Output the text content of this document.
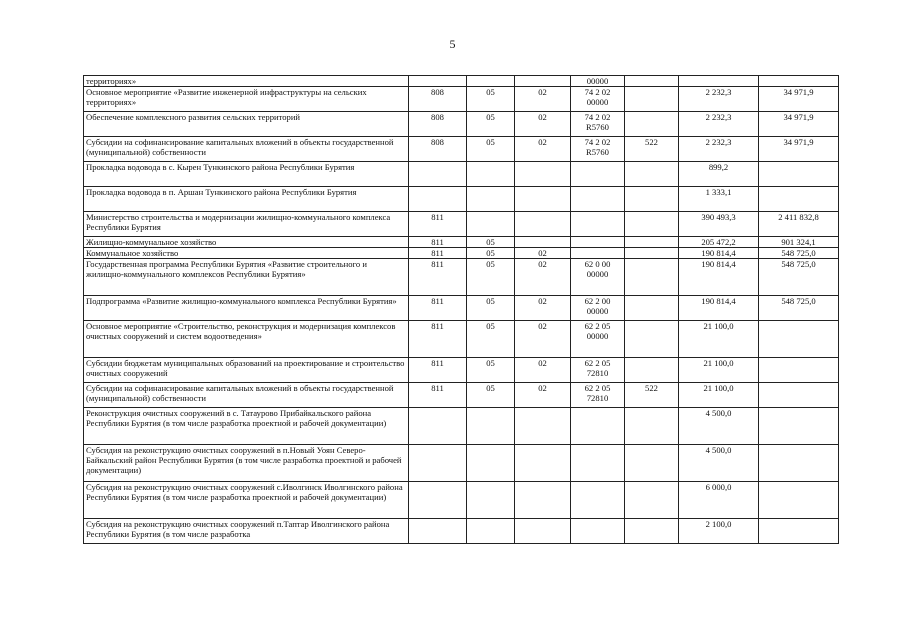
5
территориях»				00000			
Основное мероприятие «Развитие инженерной инфраструктуры на сельских территориях»	808	05	02	74 2 02 00000		2 232,3	34 971,9
Обеспечение комплексного развития сельских территорий	808	05	02	74 2 02 R5760		2 232,3	34 971,9
Субсидии на софинансирование капитальных вложений в объекты государственной (муниципальной) собственности	808	05	02	74 2 02 R5760	522	2 232,3	34 971,9
Прокладка водовода в с. Кырен Тункинского района Республики Бурятия						899,2	
Прокладка водовода в п. Аршан Тункинского района Республики Бурятия						1 333,1	
Министерство строительства и модернизации жилищно-коммунального комплекса Республики Бурятия	811					390 493,3	2 411 832,8
Жилищно-коммунальное хозяйство	811	05				205 472,2	901 324,1
Коммунальное хозяйство	811	05	02			190 814,4	548 725,0
Государственная программа Республики Бурятия «Развитие строительного и жилищно-коммунального комплексов Республики Бурятия»	811	05	02	62 0 00 00000		190 814,4	548 725,0
Подпрограмма «Развитие жилищно-коммунального комплекса Республики Бурятия»	811	05	02	62 2 00 00000		190 814,4	548 725,0
Основное мероприятие «Строительство, реконструкция и модернизация комплексов очистных сооружений и систем водоотведения»	811	05	02	62 2 05 00000		21 100,0	
Субсидии бюджетам муниципальных образований на проектирование и строительство очистных сооружений	811	05	02	62 2 05 72810		21 100,0	
Субсидии на софинансирование капитальных вложений в объекты государственной (муниципальной) собственности	811	05	02	62 2 05 72810	522	21 100,0	
Реконструкция очистных сооружений в с. Татаурово Прибайкальского района Республики Бурятия (в том числе разработка проектной и рабочей документации)						4 500,0	
Субсидия на реконструкцию очистных сооружений в п.Новый Уоян Северо-Байкальский район Республики Бурятия (в том числе разработка проектной и рабочей документации)						4 500,0	
Субсидия на реконструкцию очистных сооружений с.Иволгинск Иволгинского района Республики Бурятия (в том числе разработка проектной и рабочей документации)						6 000,0	
Субсидия на реконструкцию очистных сооружений п.Таптар Иволгинского района Республики Бурятия (в том числе разработка						2 100,0	
